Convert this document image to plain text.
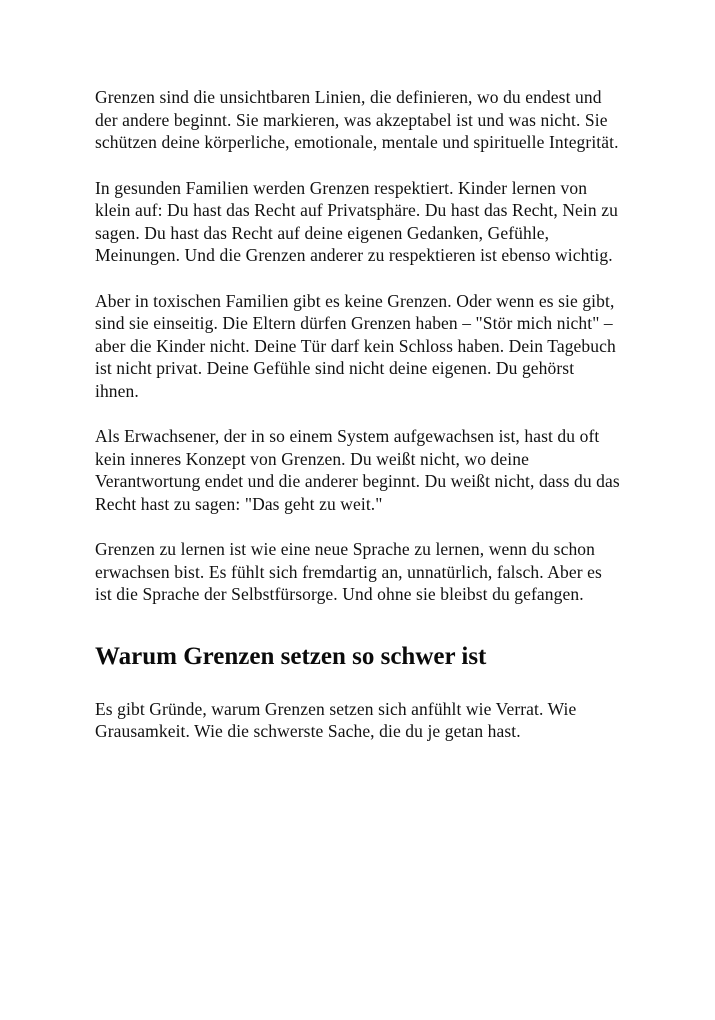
Grenzen sind die unsichtbaren Linien, die definieren, wo du endest und der andere beginnt. Sie markieren, was akzeptabel ist und was nicht. Sie schützen deine körperliche, emotionale, mentale und spirituelle Integrität.

In gesunden Familien werden Grenzen respektiert. Kinder lernen von klein auf: Du hast das Recht auf Privatsphäre. Du hast das Recht, Nein zu sagen. Du hast das Recht auf deine eigenen Gedanken, Gefühle, Meinungen. Und die Grenzen anderer zu respektieren ist ebenso wichtig.

Aber in toxischen Familien gibt es keine Grenzen. Oder wenn es sie gibt, sind sie einseitig. Die Eltern dürfen Grenzen haben – "Stör mich nicht" – aber die Kinder nicht. Deine Tür darf kein Schloss haben. Dein Tagebuch ist nicht privat. Deine Gefühle sind nicht deine eigenen. Du gehörst ihnen.

Als Erwachsener, der in so einem System aufgewachsen ist, hast du oft kein inneres Konzept von Grenzen. Du weißt nicht, wo deine Verantwortung endet und die anderer beginnt. Du weißt nicht, dass du das Recht hast zu sagen: "Das geht zu weit."

Grenzen zu lernen ist wie eine neue Sprache zu lernen, wenn du schon erwachsen bist. Es fühlt sich fremdartig an, unnatürlich, falsch. Aber es ist die Sprache der Selbstfürsorge. Und ohne sie bleibst du gefangen.

Warum Grenzen setzen so schwer ist

Es gibt Gründe, warum Grenzen setzen sich anfühlt wie Verrat. Wie Grausamkeit. Wie die schwerste Sache, die du je getan hast.
